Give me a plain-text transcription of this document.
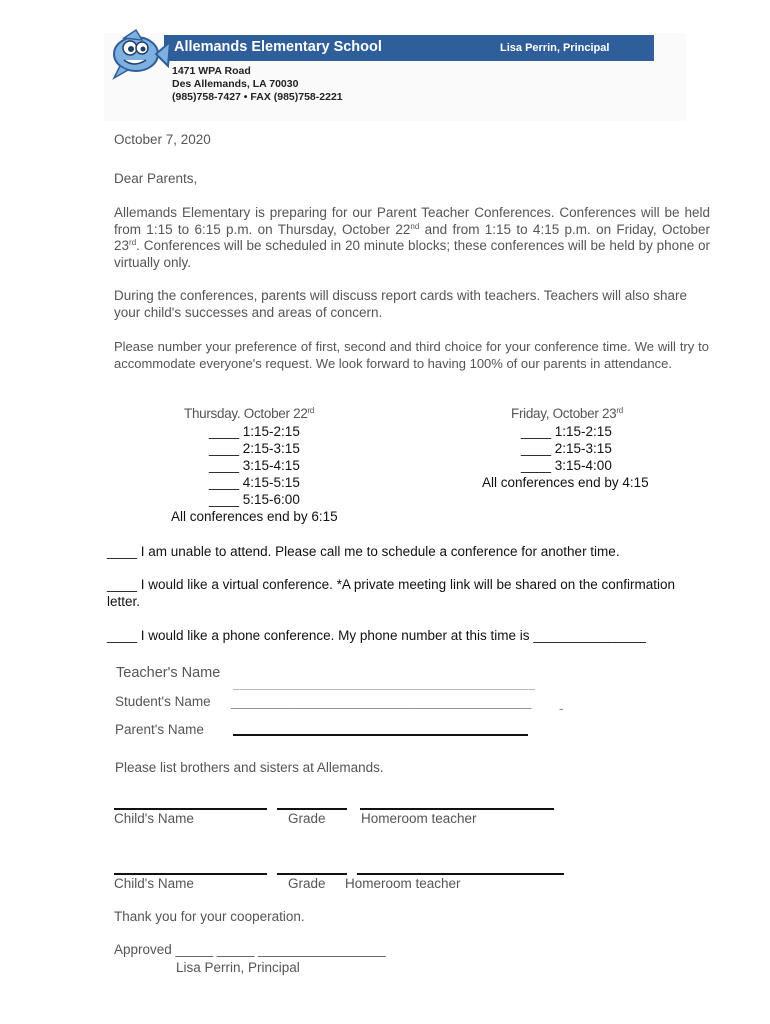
Allemands Elementary School	Lisa Perrin, Principal
1471 WPA Road
Des Allemands, LA 70030
(985)758-7427 • FAX (985)758-2221
October 7, 2020
Dear Parents,
Allemands Elementary is preparing for our Parent Teacher Conferences. Conferences will be held from 1:15 to 6:15 p.m. on Thursday, October 22nd and from 1:15 to 4:15 p.m. on Friday, October 23rd. Conferences will be scheduled in 20 minute blocks; these conferences will be held by phone or virtually only.
During the conferences, parents will discuss report cards with teachers. Teachers will also share your child's successes and areas of concern.
Please number your preference of first, second and third choice for your conference time. We will try to accommodate everyone's request. We look forward to having 100% of our parents in attendance.
Thursday. October 22rd
____ 1:15-2:15
____ 2:15-3:15
____ 3:15-4:15
____ 4:15-5:15
____ 5:15-6:00
All conferences end by 6:15
Friday, October 23rd
____ 1:15-2:15
____ 2:15-3:15
____ 3:15-4:00
All conferences end by 4:15
____ I am unable to attend. Please call me to schedule a conference for another time.
____ I would like a virtual conference. *A private meeting link will be shared on the confirmation
letter.
____ I would like a phone conference. My phone number at this time is _______________
Teacher's Name
Student's Name ________________________________________ -
Parent's Name
Please list brothers and sisters at Allemands.
Child's Name	Grade	Homeroom teacher
Child's Name	Grade Homeroom teacher
Thank you for your cooperation.
Approved _____ _____ _________________
Lisa Perrin, Principal
